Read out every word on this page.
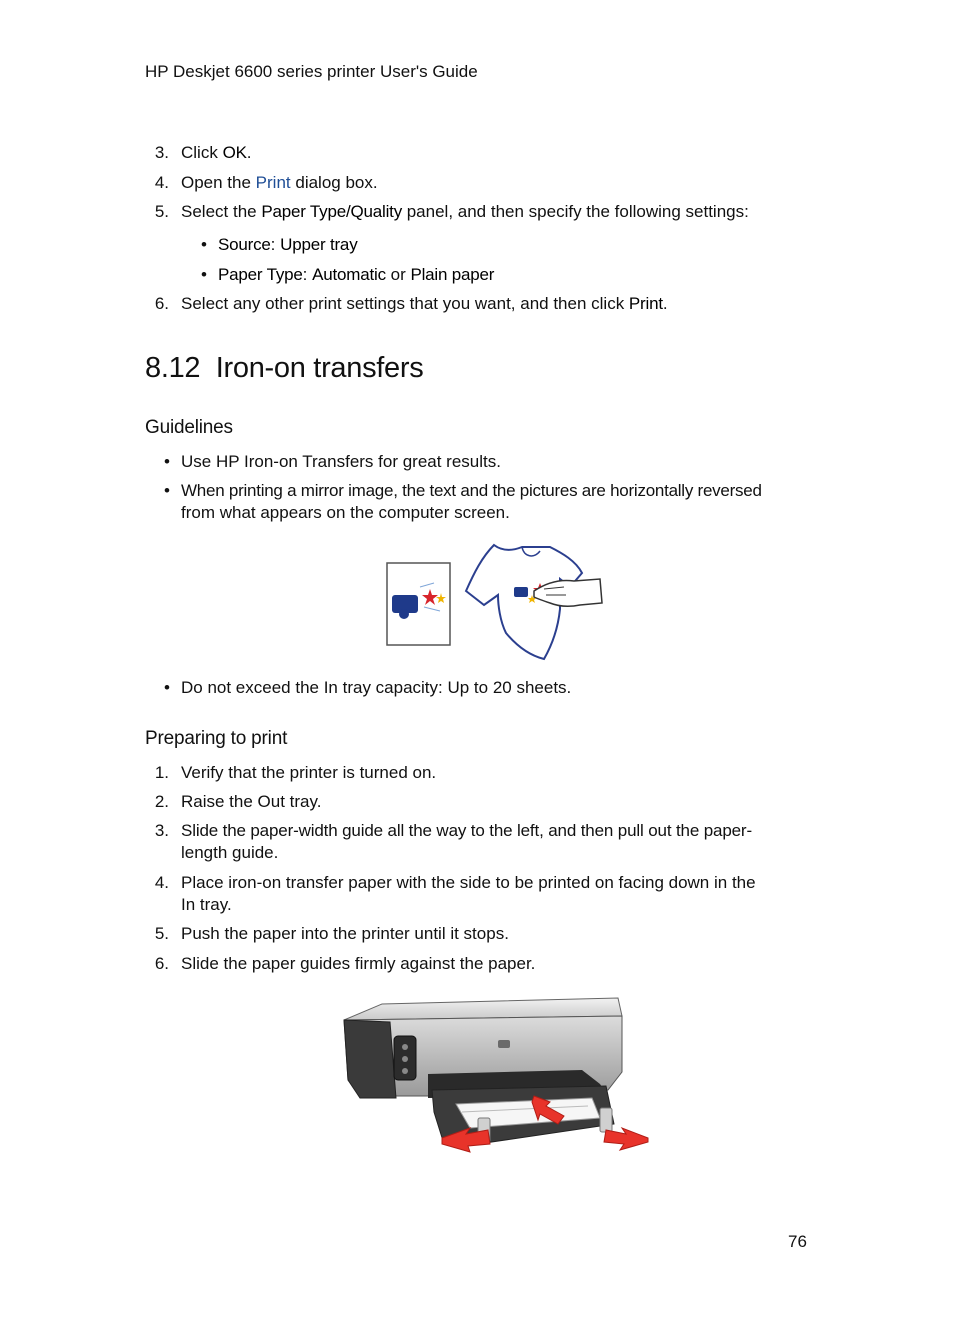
HP Deskjet 6600 series printer User's Guide
3. Click OK.
4. Open the Print dialog box.
5. Select the Paper Type/Quality panel, and then specify the following settings:
• Source: Upper tray
• Paper Type: Automatic or Plain paper
6. Select any other print settings that you want, and then click Print.
8.12 Iron-on transfers
Guidelines
• Use HP Iron-on Transfers for great results.
• When printing a mirror image, the text and the pictures are horizontally reversed
from what appears on the computer screen.
• Do not exceed the In tray capacity: Up to 20 sheets.
Preparing to print
1. Verify that the printer is turned on.
2. Raise the Out tray.
3. Slide the paper-width guide all the way to the left, and then pull out the paper-
length guide.
4. Place iron-on transfer paper with the side to be printed on facing down in the
In tray.
5. Push the paper into the printer until it stops.
6. Slide the paper guides firmly against the paper.
76
